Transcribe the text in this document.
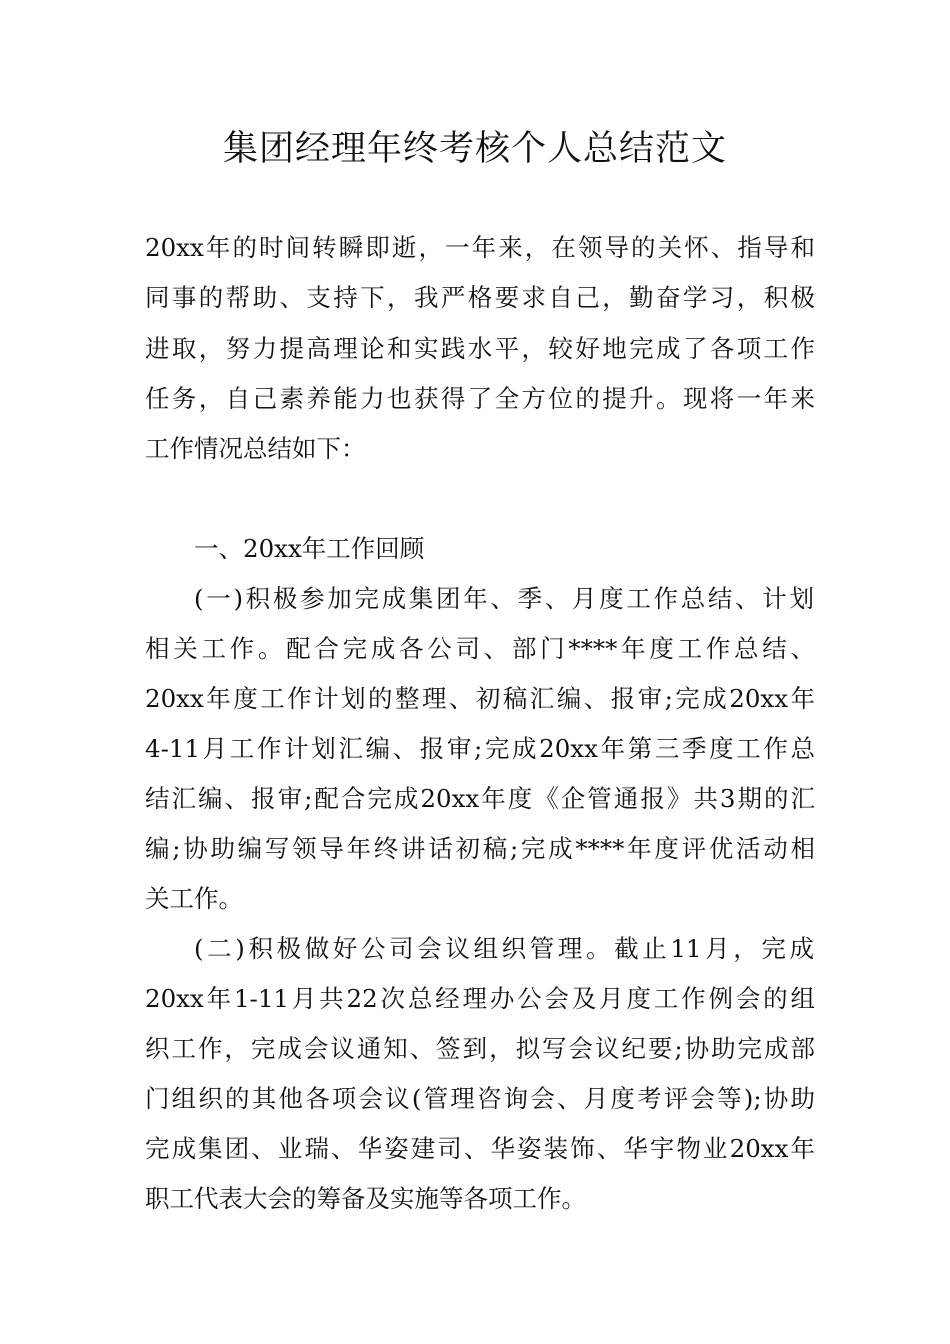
集团经理年终考核个人总结范文

20xx年的时间转瞬即逝，一年来，在领导的关怀、指导和

同事的帮助、支持下，我严格要求自己，勤奋学习，积极

进取，努力提高理论和实践水平，较好地完成了各项工作

任务，自己素养能力也获得了全方位的提升。现将一年来

工作情况总结如下：

一、20xx年工作回顾

(一)积极参加完成集团年、季、月度工作总结、计划

相关工作。配合完成各公司、部门****年度工作总结、

20xx年度工作计划的整理、初稿汇编、报审;完成20xx年

4-11月工作计划汇编、报审;完成20xx年第三季度工作总

结汇编、报审;配合完成20xx年度《企管通报》共3期的汇

编;协助编写领导年终讲话初稿;完成****年度评优活动相

关工作。

(二)积极做好公司会议组织管理。截止11月，完成

20xx年1-11月共22次总经理办公会及月度工作例会的组

织工作，完成会议通知、签到，拟写会议纪要;协助完成部

门组织的其他各项会议(管理咨询会、月度考评会等);协助

完成集团、业瑞、华姿建司、华姿装饰、华宇物业20xx年

职工代表大会的筹备及实施等各项工作。
